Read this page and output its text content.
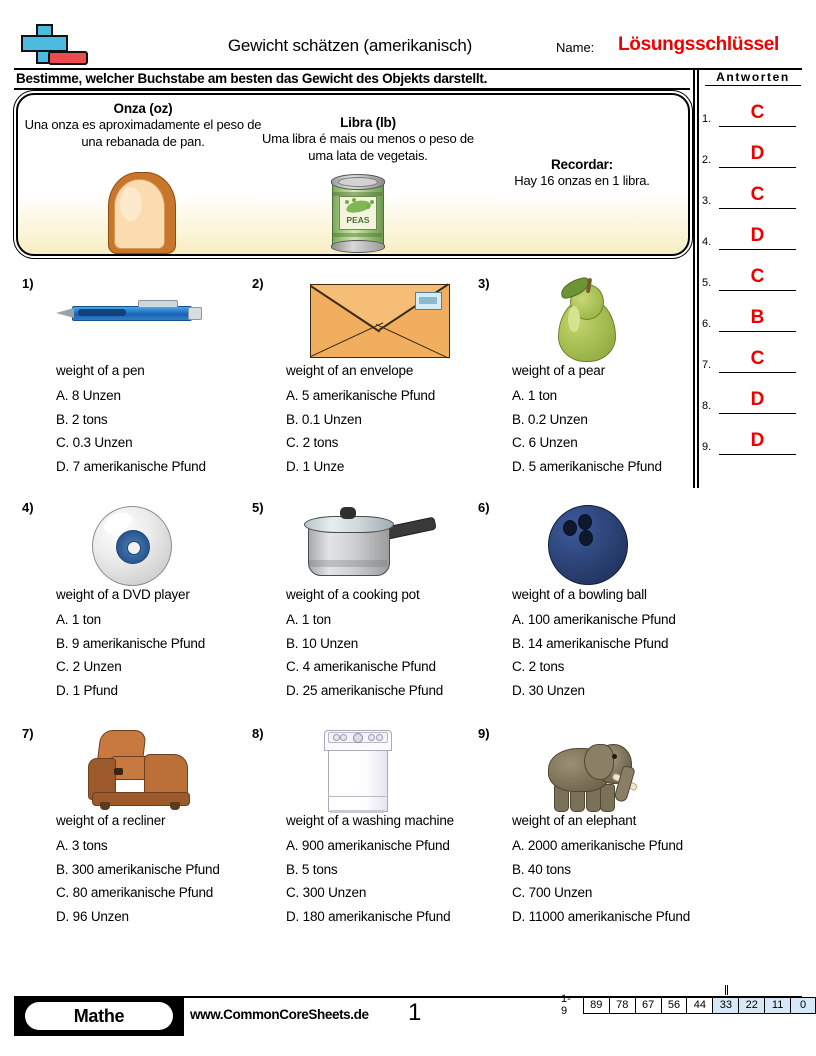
Gewicht schätzen (amerikanisch)	Name: Lösungsschlüssel
Bestimme, welcher Buchstabe am besten das Gewicht des Objekts darstellt.	Antworten
1.	C
2.	D
3.	C
4.	D
5.	C
6.	B
7.	C
8.	D
9.	D
Onza (oz)
Una onza es aproximadamente el peso de una rebanada de pan.
Libra (lb)
Uma libra é mais ou menos o peso de uma lata de vegetais.
Recordar:
Hay 16 onzas en 1 libra.
PEAS
1)
weight of a pen
A. 8 Unzen
B. 2 tons
C. 0.3 Unzen
D. 7 amerikanische Pfund
2)
weight of an envelope
A. 5 amerikanische Pfund
B. 0.1 Unzen
C. 2 tons
D. 1 Unze
3)
weight of a pear
A. 1 ton
B. 0.2 Unzen
C. 6 Unzen
D. 5 amerikanische Pfund
4)
weight of a DVD player
A. 1 ton
B. 9 amerikanische Pfund
C. 2 Unzen
D. 1 Pfund
5)
weight of a cooking pot
A. 1 ton
B. 10 Unzen
C. 4 amerikanische Pfund
D. 25 amerikanische Pfund
6)
weight of a bowling ball
A. 100 amerikanische Pfund
B. 14 amerikanische Pfund
C. 2 tons
D. 30 Unzen
7)
weight of a recliner
A. 3 tons
B. 300 amerikanische Pfund
C. 80 amerikanische Pfund
D. 96 Unzen
8)
weight of a washing machine
A. 900 amerikanische Pfund
B. 5 tons
C. 300 Unzen
D. 180 amerikanische Pfund
9)
weight of an elephant
A. 2000 amerikanische Pfund
B. 40 tons
C. 700 Unzen
D. 11000 amerikanische Pfund
Mathe	www.CommonCoreSheets.de 1	1-9	89	78	67	56	44	33	22	11	0
